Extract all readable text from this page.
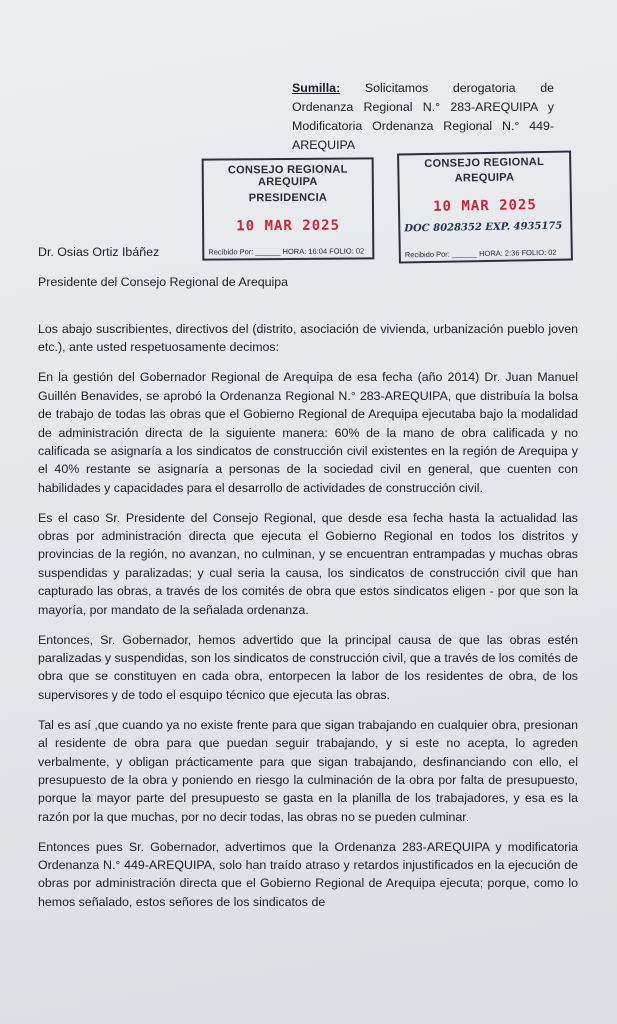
Sumilla: Solicitamos derogatoria de Ordenanza Regional N.° 283-AREQUIPA y Modificatoria Ordenanza Regional N.° 449-AREQUIPA
CONSEJO REGIONAL AREQUIPA
PRESIDENCIA
10 MAR 2025
Recibido Por: ______ HORA: 16:04 FOLIO: 02
CONSEJO REGIONAL
AREQUIPA
10 MAR 2025
DOC 8028352 EXP. 4935175
Recibido Por: ______ HORA: 2:36 FOLIO: 02
Dr. Osias Ortiz Ibáñez
Presidente del Consejo Regional de Arequipa

Los abajo suscribientes, directivos del (distrito, asociación de vivienda, urbanización pueblo joven etc.), ante usted respetuosamente decimos:

En la gestión del Gobernador Regional de Arequipa de esa fecha (año 2014) Dr. Juan Manuel Guillén Benavides, se aprobó la Ordenanza Regional N.° 283-AREQUIPA, que distribuía la bolsa de trabajo de todas las obras que el Gobierno Regional de Arequipa ejecutaba bajo la modalidad de administración directa de la siguiente manera: 60% de la mano de obra calificada y no calificada se asignaría a los sindicatos de construcción civil existentes en la región de Arequipa y el 40% restante se asignaría a personas de la sociedad civil en general, que cuenten con habilidades y capacidades para el desarrollo de actividades de construcción civil.

Es el caso Sr. Presidente del Consejo Regional, que desde esa fecha hasta la actualidad las obras por administración directa que ejecuta el Gobierno Regional en todos los distritos y provincias de la región, no avanzan, no culminan, y se encuentran entrampadas y muchas obras suspendidas y paralizadas; y cual seria la causa, los sindicatos de construcción civil que han capturado las obras, a través de los comités de obra que estos sindicatos eligen - por que son la mayoría, por mandato de la señalada ordenanza.

Entonces, Sr. Gobernador, hemos advertido que la principal causa de que las obras estén paralizadas y suspendidas, son los sindicatos de construcción civil, que a través de los comités de obra que se constituyen en cada obra, entorpecen la labor de los residentes de obra, de los supervisores y de todo el esquipo técnico que ejecuta las obras.

Tal es así ,que cuando ya no existe frente para que sigan trabajando en cualquier obra, presionan al residente de obra para que puedan seguir trabajando, y si este no acepta, lo agreden verbalmente, y obligan prácticamente para que sigan trabajando, desfinanciando con ello, el presupuesto de la obra y poniendo en riesgo la culminación de la obra por falta de presupuesto, porque la mayor parte del presupuesto se gasta en la planilla de los trabajadores, y esa es la razón por la que muchas, por no decir todas, las obras no se pueden culminar.

Entonces pues Sr. Gobernador, advertimos que la Ordenanza 283-AREQUIPA y modificatoria Ordenanza N.° 449-AREQUIPA, solo han traído atraso y retardos injustificados en la ejecución de obras por administración directa que el Gobierno Regional de Arequipa ejecuta; porque, como lo hemos señalado, estos señores de los sindicatos de
